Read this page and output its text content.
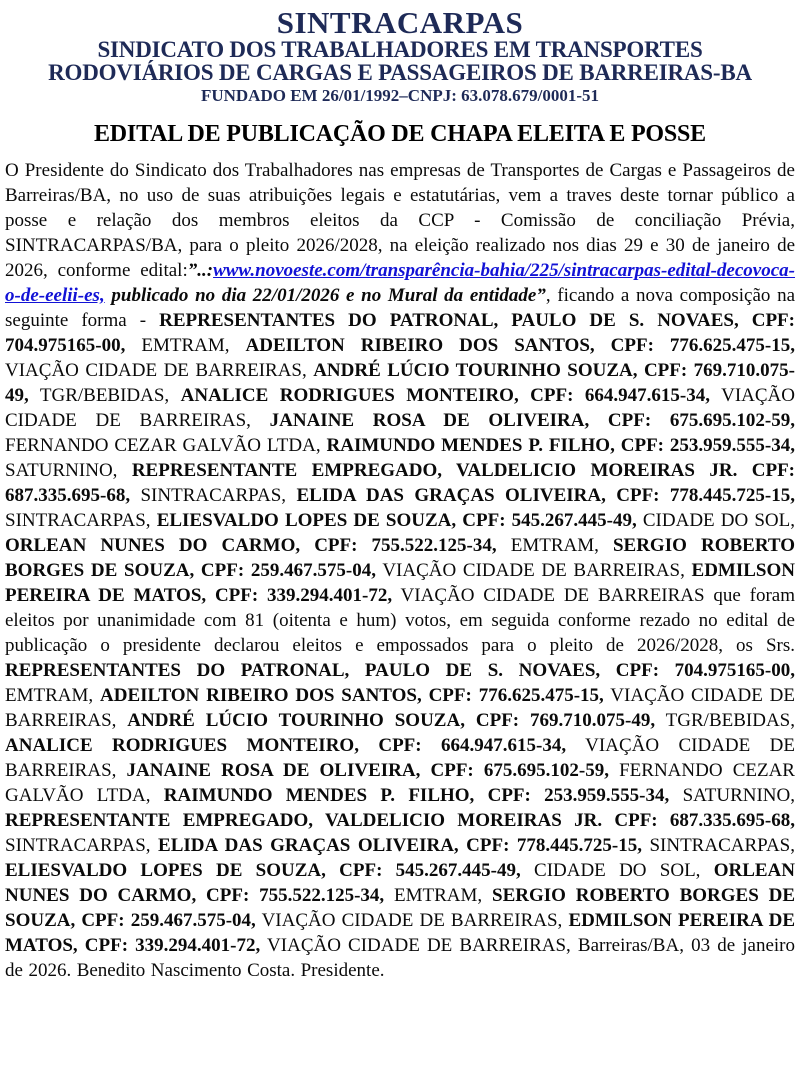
SINTRACARPAS
SINDICATO DOS TRABALHADORES EM TRANSPORTES
RODOVIÁRIOS DE CARGAS E PASSAGEIROS DE BARREIRAS-BA
FUNDADO EM 26/01/1992–CNPJ: 63.078.679/0001-51
EDITAL DE PUBLICAÇÃO DE CHAPA ELEITA E POSSE

O Presidente do Sindicato dos Trabalhadores nas empresas de Transportes de Cargas e Passageiros de Barreiras/BA, no uso de suas atribuições legais e estatutárias, vem a traves deste tornar público a posse e relação dos membros eleitos da CCP - Comissão de conciliação Prévia, SINTRACARPAS/BA, para o pleito 2026/2028, na eleição realizado nos dias 29 e 30 de janeiro de 2026, conforme edital:”..:www.novoeste.com/transparência-bahia/225/sintracarpas-edital-decovoca-o-de-eelii-es, publicado no dia 22/01/2026 e no Mural da entidade”, ficando a nova composição na seguinte forma - REPRESENTANTES DO PATRONAL, PAULO DE S. NOVAES, CPF: 704.975165-00, EMTRAM, ADEILTON RIBEIRO DOS SANTOS, CPF: 776.625.475-15, VIAÇÃO CIDADE DE BARREIRAS, ANDRÉ LÚCIO TOURINHO SOUZA, CPF: 769.710.075-49, TGR/BEBIDAS, ANALICE RODRIGUES MONTEIRO, CPF: 664.947.615-34, VIAÇÃO CIDADE DE BARREIRAS, JANAINE ROSA DE OLIVEIRA, CPF: 675.695.102-59, FERNANDO CEZAR GALVÃO LTDA, RAIMUNDO MENDES P. FILHO, CPF: 253.959.555-34, SATURNINO, REPRESENTANTE EMPREGADO, VALDELICIO MOREIRAS JR. CPF: 687.335.695-68, SINTRACARPAS, ELIDA DAS GRAÇAS OLIVEIRA, CPF: 778.445.725-15, SINTRACARPAS, ELIESVALDO LOPES DE SOUZA, CPF: 545.267.445-49, CIDADE DO SOL, ORLEAN NUNES DO CARMO, CPF: 755.522.125-34, EMTRAM, SERGIO ROBERTO BORGES DE SOUZA, CPF: 259.467.575-04, VIAÇÃO CIDADE DE BARREIRAS, EDMILSON PEREIRA DE MATOS, CPF: 339.294.401-72, VIAÇÃO CIDADE DE BARREIRAS que foram eleitos por unanimidade com 81 (oitenta e hum) votos, em seguida conforme rezado no edital de publicação o presidente declarou eleitos e empossados para o pleito de 2026/2028, os Srs. REPRESENTANTES DO PATRONAL, PAULO DE S. NOVAES, CPF: 704.975165-00, EMTRAM, ADEILTON RIBEIRO DOS SANTOS, CPF: 776.625.475-15, VIAÇÃO CIDADE DE BARREIRAS, ANDRÉ LÚCIO TOURINHO SOUZA, CPF: 769.710.075-49, TGR/BEBIDAS, ANALICE RODRIGUES MONTEIRO, CPF: 664.947.615-34, VIAÇÃO CIDADE DE BARREIRAS, JANAINE ROSA DE OLIVEIRA, CPF: 675.695.102-59, FERNANDO CEZAR GALVÃO LTDA, RAIMUNDO MENDES P. FILHO, CPF: 253.959.555-34, SATURNINO, REPRESENTANTE EMPREGADO, VALDELICIO MOREIRAS JR. CPF: 687.335.695-68, SINTRACARPAS, ELIDA DAS GRAÇAS OLIVEIRA, CPF: 778.445.725-15, SINTRACARPAS, ELIESVALDO LOPES DE SOUZA, CPF: 545.267.445-49, CIDADE DO SOL, ORLEAN NUNES DO CARMO, CPF: 755.522.125-34, EMTRAM, SERGIO ROBERTO BORGES DE SOUZA, CPF: 259.467.575-04, VIAÇÃO CIDADE DE BARREIRAS, EDMILSON PEREIRA DE MATOS, CPF: 339.294.401-72, VIAÇÃO CIDADE DE BARREIRAS, Barreiras/BA, 03 de janeiro de 2026. Benedito Nascimento Costa. Presidente.
